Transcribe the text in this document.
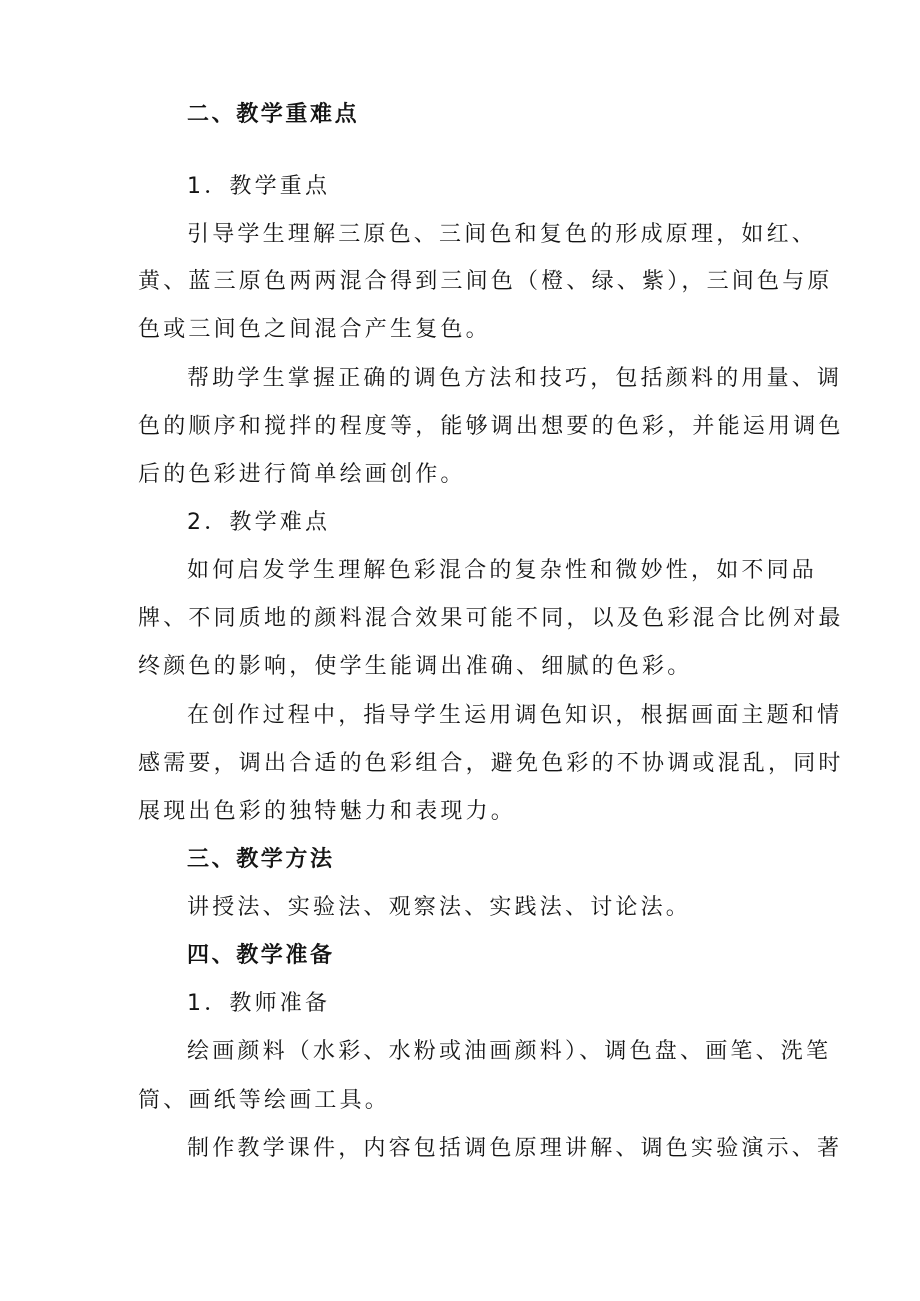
二、教学重难点
1．教学重点
引导学生理解三原色、三间色和复色的形成原理，如红、
黄、蓝三原色两两混合得到三间色（橙、绿、紫），三间色与原
色或三间色之间混合产生复色。
帮助学生掌握正确的调色方法和技巧，包括颜料的用量、调
色的顺序和搅拌的程度等，能够调出想要的色彩，并能运用调色
后的色彩进行简单绘画创作。
2．教学难点
如何启发学生理解色彩混合的复杂性和微妙性，如不同品
牌、不同质地的颜料混合效果可能不同，以及色彩混合比例对最
终颜色的影响，使学生能调出准确、细腻的色彩。
在创作过程中，指导学生运用调色知识，根据画面主题和情
感需要，调出合适的色彩组合，避免色彩的不协调或混乱，同时
展现出色彩的独特魅力和表现力。
三、教学方法
讲授法、实验法、观察法、实践法、讨论法。
四、教学准备
1．教师准备
绘画颜料（水彩、水粉或油画颜料）、调色盘、画笔、洗笔
筒、画纸等绘画工具。
制作教学课件，内容包括调色原理讲解、调色实验演示、著
